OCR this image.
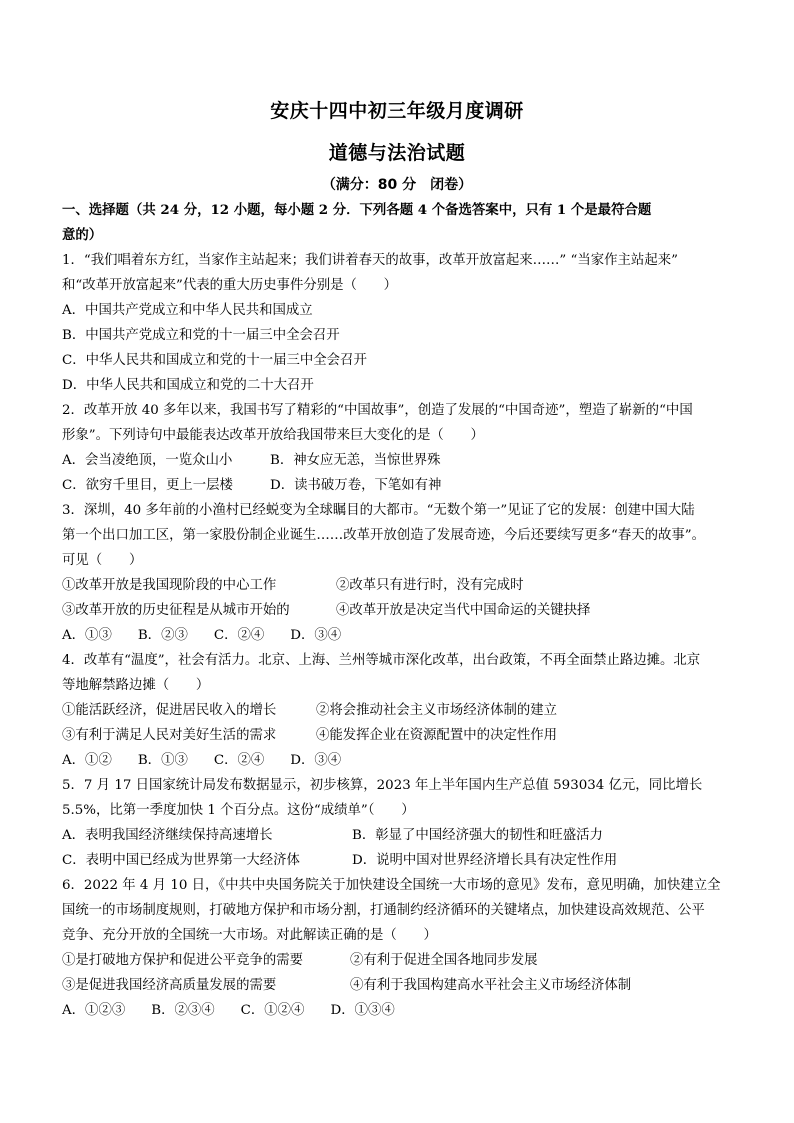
安庆十四中初三年级月度调研
道德与法治试题
（满分：80 分　闭卷）
一、选择题（共 24 分，12 小题，每小题 2 分．下列各题 4 个备选答案中，只有 1 个是最符合题
意的）
1．“我们唱着东方红，当家作主站起来；我们讲着春天的故事，改革开放富起来……” “当家作主站起来”
和“改革开放富起来”代表的重大历史事件分别是（　　）
A．中国共产党成立和中华人民共和国成立
B．中国共产党成立和党的十一届三中全会召开
C．中华人民共和国成立和党的十一届三中全会召开
D．中华人民共和国成立和党的二十大召开
2．改革开放 40 多年以来，我国书写了精彩的“中国故事”，创造了发展的“中国奇迹”，塑造了崭新的“中国
形象”。下列诗句中最能表达改革开放给我国带来巨大变化的是（　　）
A．会当凌绝顶，一览众山小	B．神女应无恙，当惊世界殊
C．欲穷千里目，更上一层楼	D．读书破万卷，下笔如有神
3．深圳，40 多年前的小渔村已经蜕变为全球瞩目的大都市。“无数个第一”见证了它的发展：创建中国大陆
第一个出口加工区，第一家股份制企业诞生……改革开放创造了发展奇迹，今后还要续写更多“春天的故事”。
可见（　　）
①改革开放是我国现阶段的中心工作	②改革只有进行时，没有完成时
③改革开放的历史征程是从城市开始的	④改革开放是决定当代中国命运的关键抉择
A．①③ B．②③ C．②④ D．③④
4．改革有“温度”，社会有活力。北京、上海、兰州等城市深化改革，出台政策，不再全面禁止路边摊。北京
等地解禁路边摊（　　）
①能活跃经济，促进居民收入的增长	②将会推动社会主义市场经济体制的建立
③有利于满足人民对美好生活的需求	④能发挥企业在资源配置中的决定性作用
A．①② B．①③ C．②④ D．③④
5．7 月 17 日国家统计局发布数据显示，初步核算，2023 年上半年国内生产总值 593034 亿元，同比增长
5.5%，比第一季度加快 1 个百分点。这份“成绩单”（　　）
A．表明我国经济继续保持高速增长	B．彰显了中国经济强大的韧性和旺盛活力
C．表明中国已经成为世界第一大经济体	D．说明中国对世界经济增长具有决定性作用
6．2022 年 4 月 10 日，《中共中央国务院关于加快建设全国统一大市场的意见》发布，意见明确，加快建立全
国统一的市场制度规则，打破地方保护和市场分割，打通制约经济循环的关键堵点，加快建设高效规范、公平
竞争、充分开放的全国统一大市场。对此解读正确的是（　　）
①是打破地方保护和促进公平竞争的需要	②有利于促进全国各地同步发展
③是促进我国经济高质量发展的需要	④有利于我国构建高水平社会主义市场经济体制
A．①②③ B．②③④ C．①②④ D．①③④
